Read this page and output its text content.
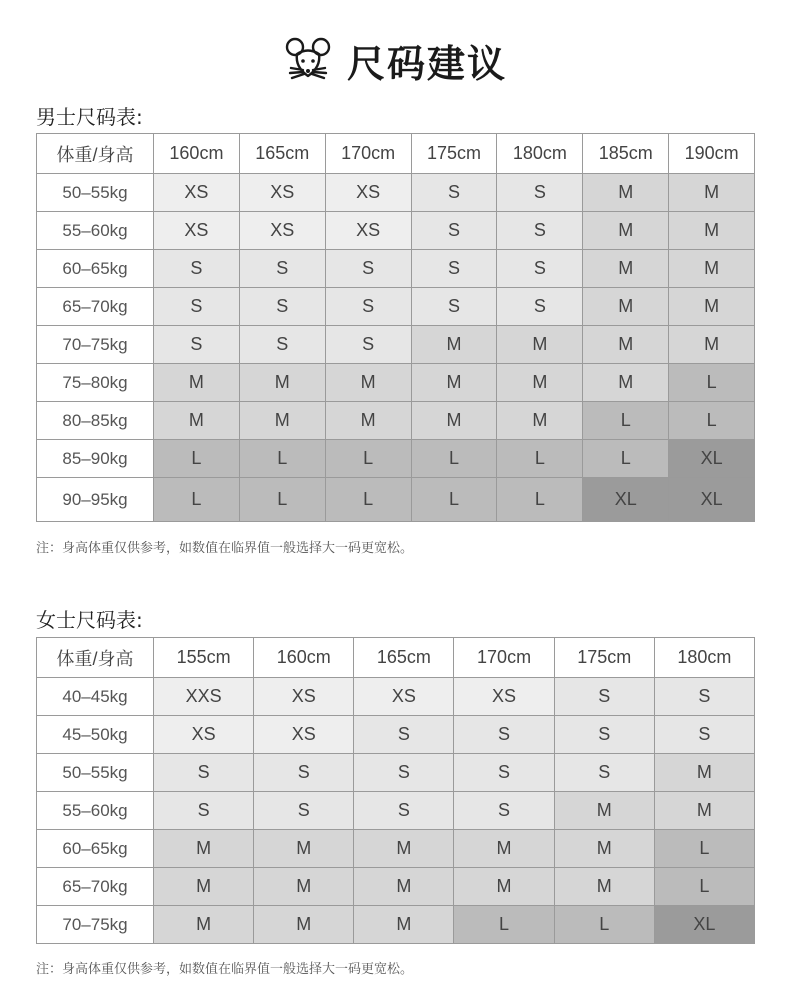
尺码建议
男士尺码表:
体重/身高	160cm	165cm	170cm	175cm	180cm	185cm	190cm
50–55kg	XS	XS	XS	S	S	M	M
55–60kg	XS	XS	XS	S	S	M	M
60–65kg	S	S	S	S	S	M	M
65–70kg	S	S	S	S	S	M	M
70–75kg	S	S	S	M	M	M	M
75–80kg	M	M	M	M	M	M	L
80–85kg	M	M	M	M	M	L	L
85–90kg	L	L	L	L	L	L	XL
90–95kg	L	L	L	L	L	XL	XL
注：身高体重仅供参考，如数值在临界值一般选择大一码更宽松。
女士尺码表:
体重/身高	155cm	160cm	165cm	170cm	175cm	180cm
40–45kg	XXS	XS	XS	XS	S	S
45–50kg	XS	XS	S	S	S	S
50–55kg	S	S	S	S	S	M
55–60kg	S	S	S	S	M	M
60–65kg	M	M	M	M	M	L
65–70kg	M	M	M	M	M	L
70–75kg	M	M	M	L	L	XL
注：身高体重仅供参考，如数值在临界值一般选择大一码更宽松。
